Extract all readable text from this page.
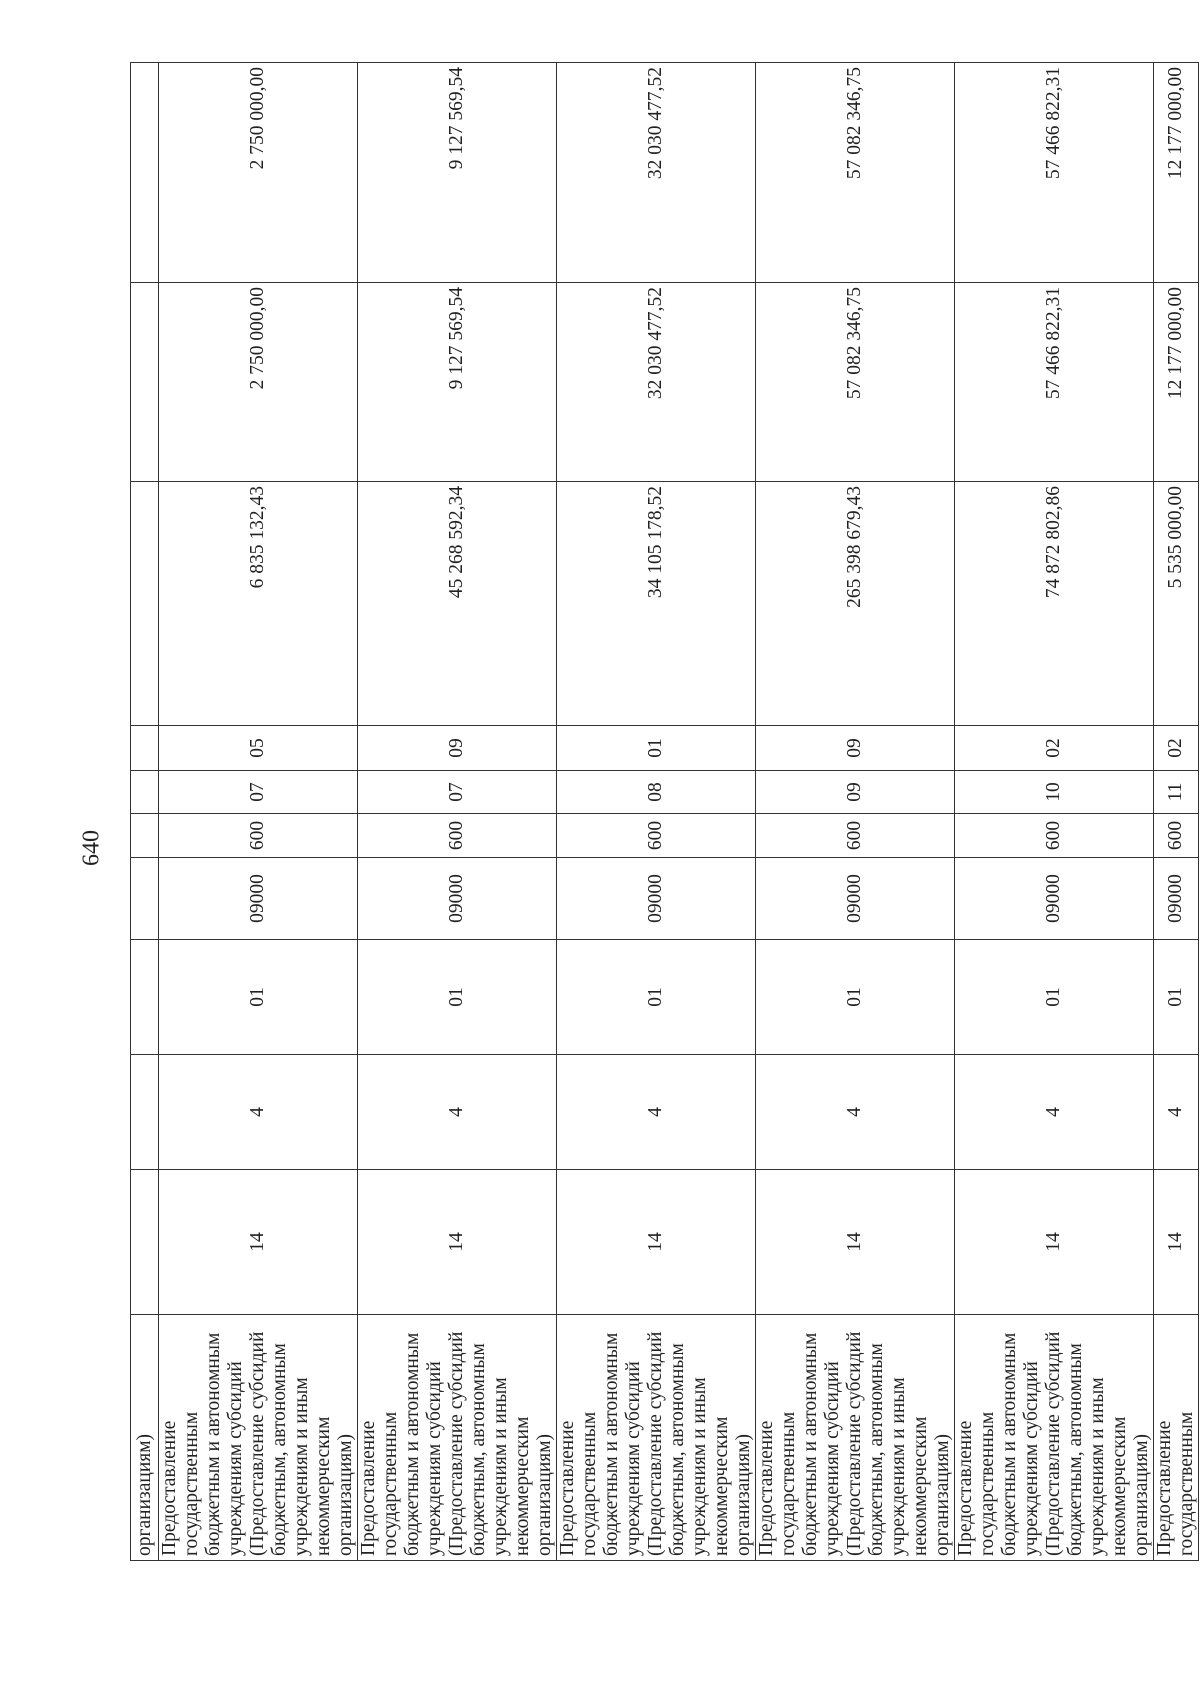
640
организациям)										
Предоставление государственным бюджетным и автономным учреждениям субсидий (Предоставление субсидий бюджетным, автономным учреждениям и иным некоммерческим организациям)	14	4	01	09000	600	07	05	6 835 132,43	2 750 000,00	2 750 000,00
Предоставление государственным бюджетным и автономным учреждениям субсидий (Предоставление субсидий бюджетным, автономным учреждениям и иным некоммерческим организациям)	14	4	01	09000	600	07	09	45 268 592,34	9 127 569,54	9 127 569,54
Предоставление государственным бюджетным и автономным учреждениям субсидий (Предоставление субсидий бюджетным, автономным учреждениям и иным некоммерческим организациям)	14	4	01	09000	600	08	01	34 105 178,52	32 030 477,52	32 030 477,52
Предоставление государственным бюджетным и автономным учреждениям субсидий (Предоставление субсидий бюджетным, автономным учреждениям и иным некоммерческим организациям)	14	4	01	09000	600	09	09	265 398 679,43	57 082 346,75	57 082 346,75
Предоставление государственным бюджетным и автономным учреждениям субсидий (Предоставление субсидий бюджетным, автономным учреждениям и иным некоммерческим организациям)	14	4	01	09000	600	10	02	74 872 802,86	57 466 822,31	57 466 822,31
Предоставление государственным	14	4	01	09000	600	11	02	5 535 000,00	12 177 000,00	12 177 000,00
